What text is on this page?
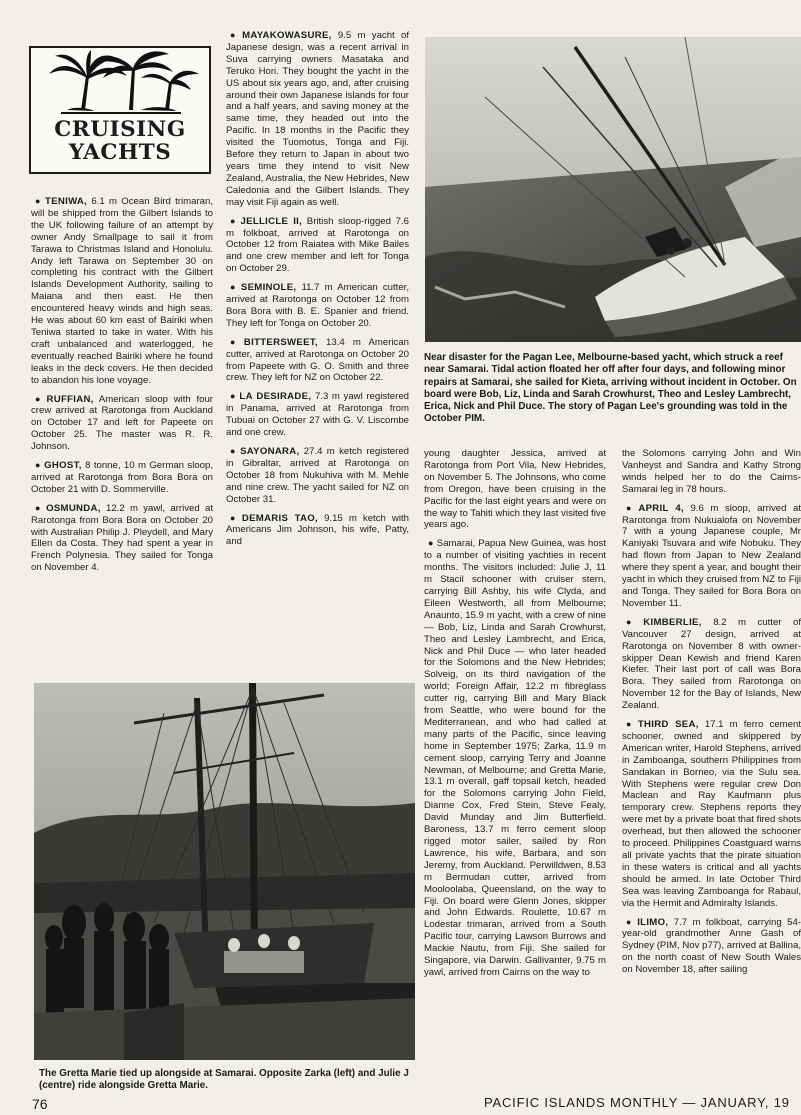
CRUISING
YACHTS

● TENIWA, 6.1 m Ocean Bird trimaran, will be shipped from the Gilbert Islands to the UK following failure of an attempt by owner Andy Smallpage to sail it from Tarawa to Christmas Island and Honolulu. Andy left Tarawa on September 30 on completing his contract with the Gilbert Islands Development Authority, sailing to Maiana and then east. He then encountered heavy winds and high seas. He was about 60 km east of Bairiki when Teniwa started to take in water. With his craft unbalanced and waterlogged, he eventually reached Bairiki where he found leaks in the deck covers. He then decided to abandon his lone voyage.

● RUFFIAN, American sloop with four crew arrived at Rarotonga from Auckland on October 17 and left for Papeete on October 25. The master was R. R. Johnson.

● GHOST, 8 tonne, 10 m German sloop, arrived at Rarotonga from Bora Bora on October 21 with D. Sommerville.

● OSMUNDA, 12.2 m yawl, arrived at Rarotonga from Bora Bora on October 20 with Australian Philip J. Pleydell, and Mary Ellen da Costa. They had spent a year in French Polynesia. They sailed for Tonga on November 4.

● MAYAKOWASURE, 9.5 m yacht of Japanese design, was a recent arrival in Suva carrying owners Masataka and Teruko Hori. They bought the yacht in the US about six years ago, and, after cruising around their own Japanese islands for four and a half years, and saving money at the same time, they headed out into the Pacific. In 18 months in the Pacific they visited the Tuomotus, Tonga and Fiji. Before they return to Japan in about two years time they intend to visit New Zealand, Australia, the New Hebrides, New Caledonia and the Gilbert Islands. They may visit Fiji again as well.

● JELLICLE II, British sloop-rigged 7.6 m folkboat, arrived at Rarotonga on October 12 from Raiatea with Mike Bailes and one crew member and left for Tonga on October 29.

● SEMINOLE, 11.7 m American cutter, arrived at Rarotonga on October 12 from Bora Bora with B. E. Spanier and friend. They left for Tonga on October 20.

● BITTERSWEET, 13.4 m American cutter, arrived at Rarotonga on October 20 from Papeete with G. O. Smith and three crew. They left for NZ on October 22.

● LA DESIRADE, 7.3 m yawl registered in Panama, arrived at Rarotonga from Tubuai on October 27 with G. V. Liscombe and one crew.

● SAYONARA, 27.4 m ketch registered in Gibraltar, arrived at Rarotonga on October 18 from Nukuhiva with M. Mehle and nine crew. The yacht sailed for NZ on October 31.

● DEMARIS TAO, 9.15 m ketch with Americans Jim Johnson, his wife, Patty, and

Near disaster for the Pagan Lee, Melbourne-based yacht, which struck a reef near Samarai. Tidal action floated her off after four days, and following minor repairs at Samarai, she sailed for Kieta, arriving without incident in October. On board were Bob, Liz, Linda and Sarah Crowhurst, Theo and Lesley Lambrecht, Erica, Nick and Phil Duce. The story of Pagan Lee's grounding was told in the October PIM.

young daughter Jessica, arrived at Rarotonga from Port Vila, New Hebrides, on November 5. The Johnsons, who come from Oregon, have been cruising in the Pacific for the last eight years and were on the way to Tahiti which they last visited five years ago.

● Samarai, Papua New Guinea, was host to a number of visiting yachties in recent months. The visitors included: Julie J, 11 m Stacil schooner with cruiser stern, carrying Bill Ashby, his wife Clyda, and Eileen Westworth, all from Melbourne; Anaunto, 15.9 m yacht, with a crew of nine — Bob, Liz, Linda and Sarah Crowhurst, Theo and Lesley Lambrecht, and Erica, Nick and Phil Duce — who later headed for the Solomons and the New Hebrides; Solveig, on its third navigation of the world; Foreign Affair, 12.2 m fibreglass cutter rig, carrying Bill and Mary Black from Seattle, who were bound for the Mediterranean, and who had called at many parts of the Pacific, since leaving home in September 1975; Zarka, 11.9 m cement sloop, carrying Terry and Joanne Newman, of Melbourne; and Gretta Marie, 13.1 m overall, gaff topsail ketch, headed for the Solomons carrying John Field, Dianne Cox, Fred Stein, Steve Fealy, David Munday and Jim Butterfield. Baroness, 13.7 m ferro cement sloop rigged motor sailer, sailed by Ron Lawrence, his wife, Barbara, and son Jeremy, from Auckland. Perwilldwen, 8.53 m Bermudan cutter, arrived from Mooloolaba, Queensland, on the way to Fiji. On board were Glenn Jones, skipper and John Edwards. Roulette, 10.67 m Lodestar trimaran, arrived from a South Pacific tour, carrying Lawson Burrows and Mackie Nautu, from Fiji. She sailed for Singapore, via Darwin. Gallivanter, 9.75 m yawl, arrived from Cairns on the way to

the Solomons carrying John and Win Vanheyst and Sandra and Kathy Strong winds helped her to do the Cairns-Samarai leg in 78 hours.

● APRIL 4, 9.6 m sloop, arrived at Rarotonga from Nukualofa on November 7 with a young Japanese couple, Mr Kaniyaki Tsuvara and wife Nobuku. They had flown from Japan to New Zealand where they spent a year, and bought their yacht in which they cruised from NZ to Fiji and Tonga. They sailed for Bora Bora on November 11.

● KIMBERLIE, 8.2 m cutter of Vancouver 27 design, arrived at Rarotonga on November 8 with owner-skipper Dean Kewish and friend Karen Kiefer. Their last port of call was Bora Bora. They sailed from Rarotonga on November 12 for the Bay of Islands, New Zealand.

● THIRD SEA, 17.1 m ferro cement schooner, owned and skippered by American writer, Harold Stephens, arrived in Zamboanga, southern Philippines from Sandakan in Borneo, via the Sulu sea. With Stephens were regular crew Don Maclean and Ray Kaufmann plus temporary crew. Stephens reports they were met by a private boat that fired shots overhead, but then allowed the schooner to proceed. Philippines Coastguard warns all private yachts that the pirate situation in these waters is critical and all yachts should be armed. In late October Third Sea was leaving Zamboanga for Rabaul, via the Hermit and Admiralty Islands.

● ILIMO, 7.7 m folkboat, carrying 54-year-old grandmother Anne Gash of Sydney (PIM, Nov p77), arrived at Ballina, on the north coast of New South Wales on November 18, after sailing

The Gretta Marie tied up alongside at Samarai. Opposite Zarka (left) and Julie J (centre) ride alongside Gretta Marie.
76	PACIFIC ISLANDS MONTHLY — JANUARY, 19
